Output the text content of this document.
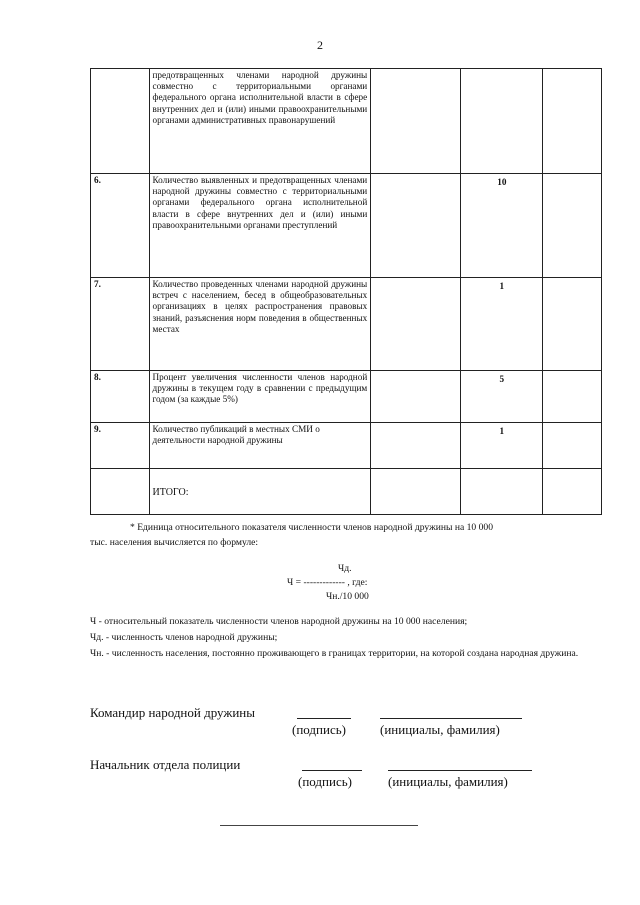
2
	предотвращенных членами народной дружины совместно с территориальными органами федерального органа исполнительной власти в сфере внутренних дел и (или) иными правоохранительными органами административных правонарушений			
6.	Количество выявленных и предотвращенных членами народной дружины совместно с территориальными органами федерального органа исполнительной власти в сфере внутренних дел и (или) иными правоохранительными органами преступлений		10	
7.	Количество проведенных членами народной дружины встреч с населением, бесед в общеобразовательных организациях в целях распространения правовых знаний, разъяснения норм поведения в общественных местах		1	
8.	Процент увеличения численности членов народной дружины в текущем году в сравнении с предыдущим годом (за каждые 5%)		5	
9.	Количество публикаций в местных СМИ о деятельности народной дружины		1	
	ИТОГО:			
* Единица относительного показателя численности членов народной дружины на 10 000
тыс. населения вычисляется по формуле:
Чд.
Ч = ------------- , где:
Чн./10 000

Ч - относительный показатель численности членов народной дружины на 10 000 населения;

Чд. - численность членов народной дружины;

Чн. - численность населения, постоянно проживающего в границах территории, на которой создана народная дружина.

Командир народной дружины
(подпись)	(инициалы, фамилия)
Начальник отдела полиции
(подпись)	(инициалы, фамилия)
